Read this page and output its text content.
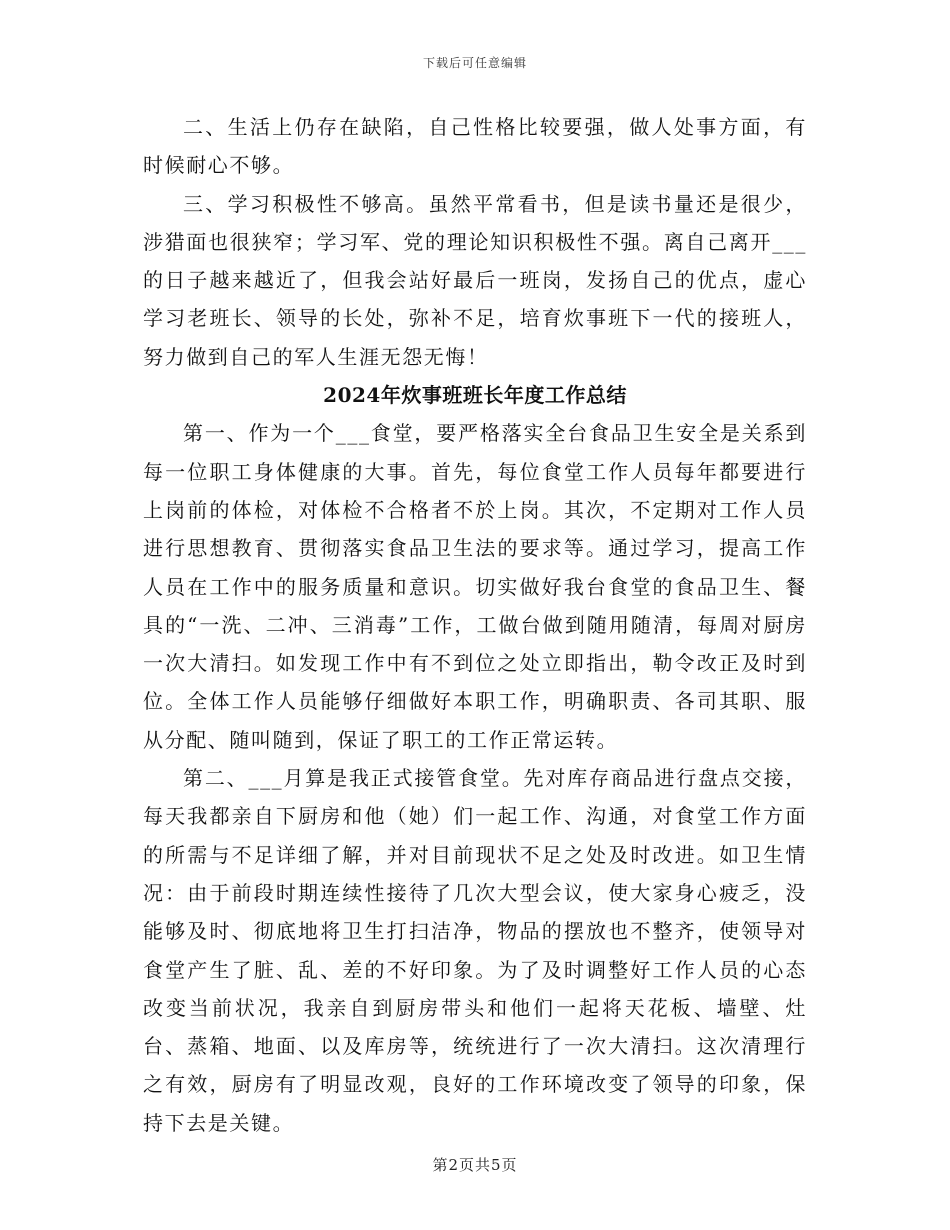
下载后可任意编辑

二、生活上仍存在缺陷，自己性格比较要强，做人处事方面，有时候耐心不够。

三、学习积极性不够高。虽然平常看书，但是读书量还是很少，涉猎面也很狭窄；学习军、党的理论知识积极性不强。离自己离开___的日子越来越近了，但我会站好最后一班岗，发扬自己的优点，虚心学习老班长、领导的长处，弥补不足，培育炊事班下一代的接班人，努力做到自己的军人生涯无怨无悔！

2024年炊事班班长年度工作总结

第一、作为一个___食堂，要严格落实全台食品卫生安全是关系到每一位职工身体健康的大事。首先，每位食堂工作人员每年都要进行上岗前的体检，对体检不合格者不於上岗。其次，不定期对工作人员进行思想教育、贯彻落实食品卫生法的要求等。通过学习，提高工作人员在工作中的服务质量和意识。切实做好我台食堂的食品卫生、餐具的“一洗、二冲、三消毒”工作，工做台做到随用随清，每周对厨房一次大清扫。如发现工作中有不到位之处立即指出，勒令改正及时到位。全体工作人员能够仔细做好本职工作，明确职责、各司其职、服从分配、随叫随到，保证了职工的工作正常运转。

第二、___月算是我正式接管食堂。先对库存商品进行盘点交接，每天我都亲自下厨房和他（她）们一起工作、沟通，对食堂工作方面的所需与不足详细了解，并对目前现状不足之处及时改进。如卫生情况：由于前段时期连续性接待了几次大型会议，使大家身心疲乏，没能够及时、彻底地将卫生打扫洁净，物品的摆放也不整齐，使领导对食堂产生了脏、乱、差的不好印象。为了及时调整好工作人员的心态改变当前状况，我亲自到厨房带头和他们一起将天花板、墙壁、灶台、蒸箱、地面、以及库房等，统统进行了一次大清扫。这次清理行之有效，厨房有了明显改观，良好的工作环境改变了领导的印象，保持下去是关键。

第2页共5页
